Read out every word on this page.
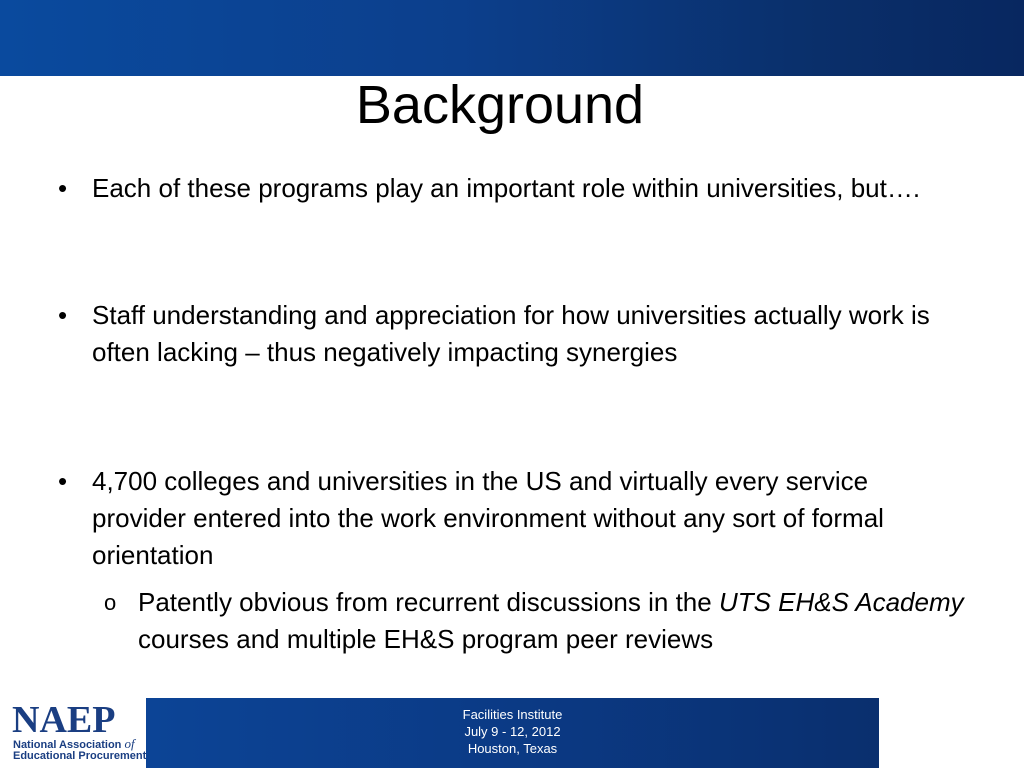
Background
• Each of these programs play an important role within universities, but….
• Staff understanding and appreciation for how universities actually work is often lacking – thus negatively impacting synergies
• 4,700 colleges and universities in the US and virtually every service provider entered into the work environment without any sort of formal orientation
o Patently obvious from recurrent discussions in the UTS EH&S Academy courses and multiple EH&S program peer reviews
NAEP
National Association of
Educational Procurement
Facilities Institute
July 9 - 12, 2012
Houston, Texas
